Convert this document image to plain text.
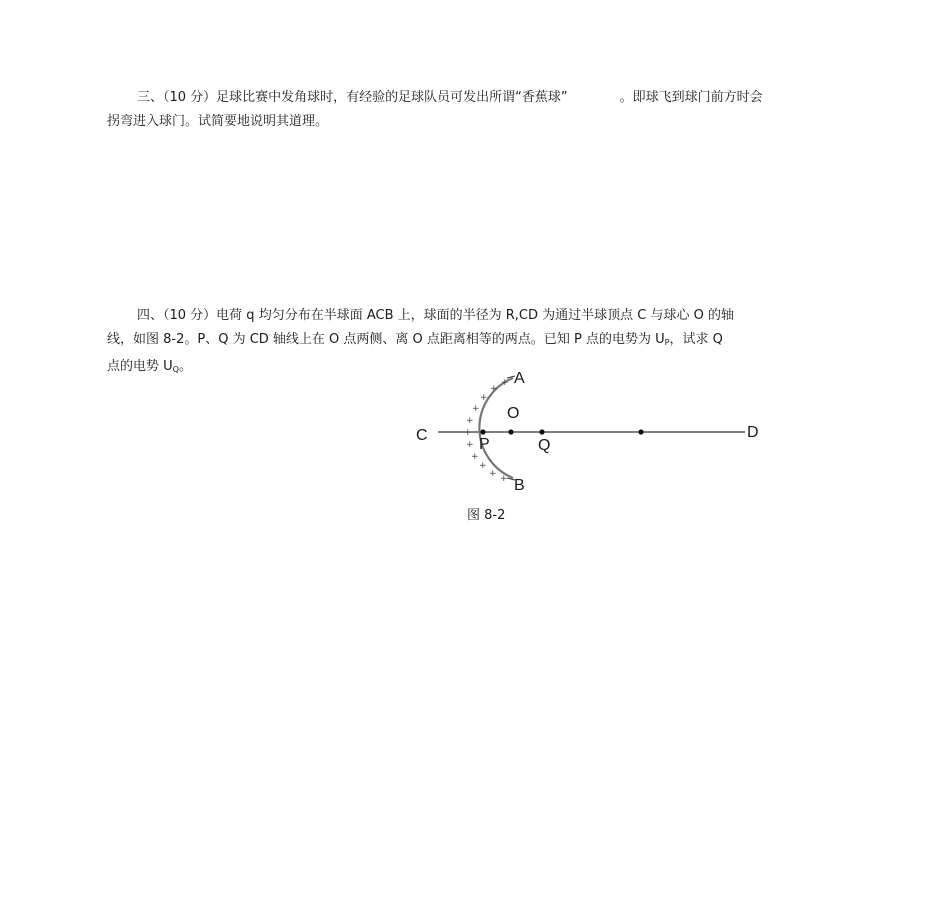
三、（10 分）足球比赛中发角球时，有经验的足球队员可发出所谓“香蕉球”	。即球飞到球门前方时会
拐弯进入球门。试简要地说明其道理。
四、（10 分）电荷 q 均匀分布在半球面 ACB 上，球面的半径为 R,CD 为通过半球顶点 C 与球心 O 的轴
线，如图 8-2。P、Q 为 CD 轴线上在 O 点两侧、离 O 点距离相等的两点。已知 P 点的电势为 $U_P$，试求 Q
点的电势 $U_Q$。
+
+
+
+
+
+
+
+
+
+ +
A
B
C	D
O
P	Q

图 8-2
